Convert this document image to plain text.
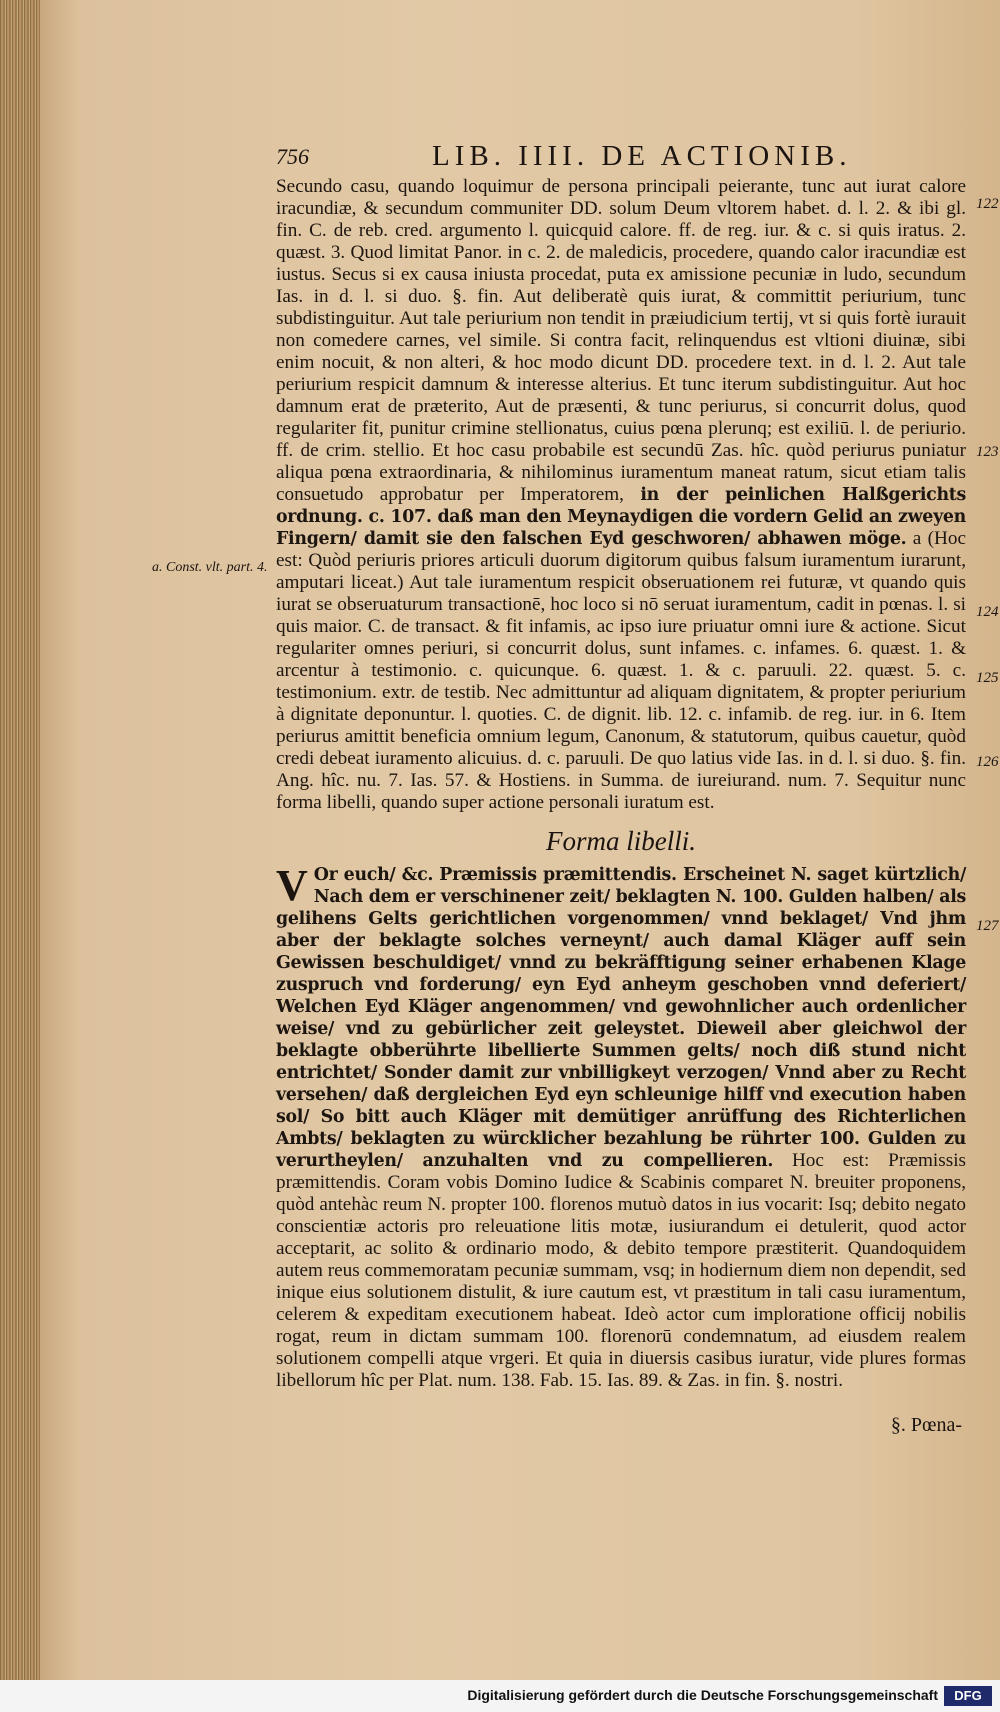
756	LIB. IIII. DE ACTIONIB.
a. Const. vlt. part. 4.
122
123
124
125
126
127

Secundo casu, quando loquimur de persona principali peierante, tunc aut iurat calore iracundiæ, & secundum communiter DD. solum Deum vltorem habet. d. l. 2. & ibi gl. fin. C. de reb. cred. argumento l. quicquid calore. ff. de reg. iur. & c. si quis iratus. 2. quæst. 3. Quod limitat Panor. in c. 2. de maledicis, procedere, quando calor iracundiæ est iustus. Secus si ex causa iniusta procedat, puta ex amissione pecuniæ in ludo, secundum Ias. in d. l. si duo. §. fin. Aut deliberatè quis iurat, & committit periurium, tunc subdistinguitur. Aut tale periurium non tendit in præiudicium tertij, vt si quis fortè iurauit non comedere carnes, vel simile. Si contra facit, relinquendus est vltioni diuinæ, sibi enim nocuit, & non alteri, & hoc modo dicunt DD. procedere text. in d. l. 2. Aut tale periurium respicit damnum & interesse alterius. Et tunc iterum subdistinguitur. Aut hoc damnum erat de præterito, Aut de præsenti, & tunc periurus, si concurrit dolus, quod regulariter fit, punitur crimine stellionatus, cuius pœna plerunq; est exiliū. l. de periurio. ff. de crim. stellio. Et hoc casu probabile est secundū Zas. hîc. quòd periurus puniatur aliqua pœna extraordinaria, & nihilominus iuramentum maneat ratum, sicut etiam talis consuetudo approbatur per Imperatorem, in der peinlichen Halßgerichts ordnung. c. 107. daß man den Meynaydigen die vordern Gelid an zweyen Fingern/ damit sie den falschen Eyd geschworen/ abhawen möge. a (Hoc est: Quòd periuris priores articuli duorum digitorum quibus falsum iuramentum iurarunt, amputari liceat.) Aut tale iuramentum respicit obseruationem rei futuræ, vt quando quis iurat se obseruaturum transactionē, hoc loco si nō seruat iuramentum, cadit in pœnas. l. si quis maior. C. de transact. & fit infamis, ac ipso iure priuatur omni iure & actione. Sicut regulariter omnes periuri, si concurrit dolus, sunt infames. c. infames. 6. quæst. 1. & arcentur à testimonio. c. quicunque. 6. quæst. 1. & c. paruuli. 22. quæst. 5. c. testimonium. extr. de testib. Nec admittuntur ad aliquam dignitatem, & propter periurium à dignitate deponuntur. l. quoties. C. de dignit. lib. 12. c. infamib. de reg. iur. in 6. Item periurus amittit beneficia omnium legum, Canonum, & statutorum, quibus cauetur, quòd credi debeat iuramento alicuius. d. c. paruuli. De quo latius vide Ias. in d. l. si duo. §. fin. Ang. hîc. nu. 7. Ias. 57. & Hostiens. in Summa. de iureiurand. num. 7. Sequitur nunc forma libelli, quando super actione personali iuratum est.

Forma libelli.

V Or euch/ &c. Præmissis præmittendis. Erscheinet N. saget kürtzlich/ Nach dem er verschinener zeit/ beklagten N. 100. Gulden halben/ als gelihens Gelts gerichtlichen vorgenommen/ vnnd beklaget/ Vnd jhm aber der beklagte solches verneynt/ auch damal Kläger auff sein Gewissen beschuldiget/ vnnd zu bekräfftigung seiner erhabenen Klage zuspruch vnd forderung/ eyn Eyd anheym geschoben vnnd deferiert/ Welchen Eyd Kläger angenommen/ vnd gewohnlicher auch ordenlicher weise/ vnd zu gebürlicher zeit geleystet. Dieweil aber gleichwol der beklagte obberührte libellierte Summen gelts/ noch diß stund nicht entrichtet/ Sonder damit zur vnbilligkeyt verzogen/ Vnnd aber zu Recht versehen/ daß dergleichen Eyd eyn schleunige hilff vnd execution haben sol/ So bitt auch Kläger mit demütiger anrüffung des Richterlichen Ambts/ beklagten zu würcklicher bezahlung be rührter 100. Gulden zu verurtheylen/ anzuhalten vnd zu compellieren. Hoc est: Præmissis præmittendis. Coram vobis Domino Iudice & Scabinis comparet N. breuiter proponens, quòd antehàc reum N. propter 100. florenos mutuò datos in ius vocarit: Isq; debito negato conscientiæ actoris pro releuatione litis motæ, iusiurandum ei detulerit, quod actor acceptarit, ac solito & ordinario modo, & debito tempore præstiterit. Quandoquidem autem reus commemoratam pecuniæ summam, vsq; in hodiernum diem non dependit, sed inique eius solutionem distulit, & iure cautum est, vt præstitum in tali casu iuramentum, celerem & expeditam executionem habeat. Ideò actor cum imploratione officij nobilis rogat, reum in dictam summam 100. florenorū condemnatum, ad eiusdem realem solutionem compelli atque vrgeri. Et quia in diuersis casibus iuratur, vide plures formas libellorum hîc per Plat. num. 138. Fab. 15. Ias. 89. & Zas. in fin. §. nostri.

§. Pœna-
Digitalisierung gefördert durch die Deutsche Forschungsgemeinschaft	DFG
